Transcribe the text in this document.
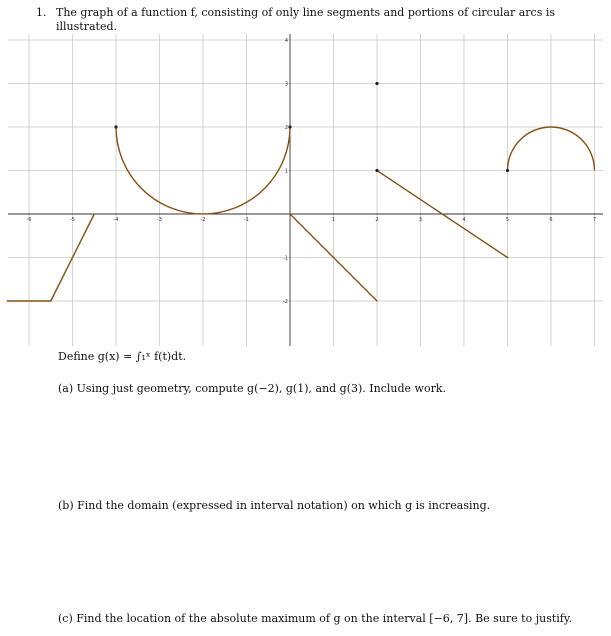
1. The graph of a function f, consisting of only line segments and portions of circular arcs is illustrated.
-6	-5	-4	-3	-2	-1	1	2	3	4	5	6	7
4
3
2
1
-1
-2
Define g(x) = ∫₁ˣ f(t)dt.
(a) Using just geometry, compute g(−2), g(1), and g(3). Include work.
(b) Find the domain (expressed in interval notation) on which g is increasing.
(c) Find the location of the absolute maximum of g on the interval [−6, 7]. Be sure to justify.
